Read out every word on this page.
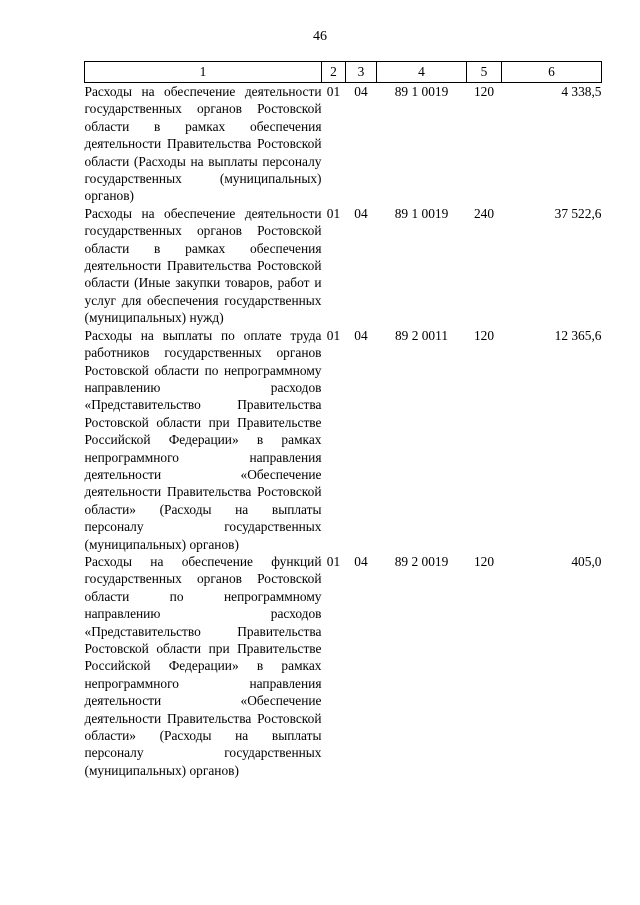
46
1	2	3	4	5	6
Расходы на обеспечение деятельности государственных органов Ростовской области в рамках обеспечения деятельности Правительства Ростовской области (Расходы на выплаты персоналу государственных (муниципальных) органов)	01	04	89 1 0019	120	4 338,5
Расходы на обеспечение деятельности государственных органов Ростовской области в рамках обеспечения деятельности Правительства Ростовской области (Иные закупки товаров, работ и услуг для обеспечения государственных (муниципальных) нужд)	01	04	89 1 0019	240	37 522,6
Расходы на выплаты по оплате труда работников государственных органов Ростовской области по непрограммному направлению расходов «Представительство Правительства Ростовской области при Правительстве Российской Федерации» в рамках непрограммного направления деятельности «Обеспечение деятельности Правительства Ростовской области» (Расходы на выплаты персоналу государственных (муниципальных) органов)	01	04	89 2 0011	120	12 365,6
Расходы на обеспечение функций государственных органов Ростовской области по непрограммному направлению расходов «Представительство Правительства Ростовской области при Правительстве Российской Федерации» в рамках непрограммного направления деятельности «Обеспечение деятельности Правительства Ростовской области» (Расходы на выплаты персоналу государственных (муниципальных) органов)	01	04	89 2 0019	120	405,0
